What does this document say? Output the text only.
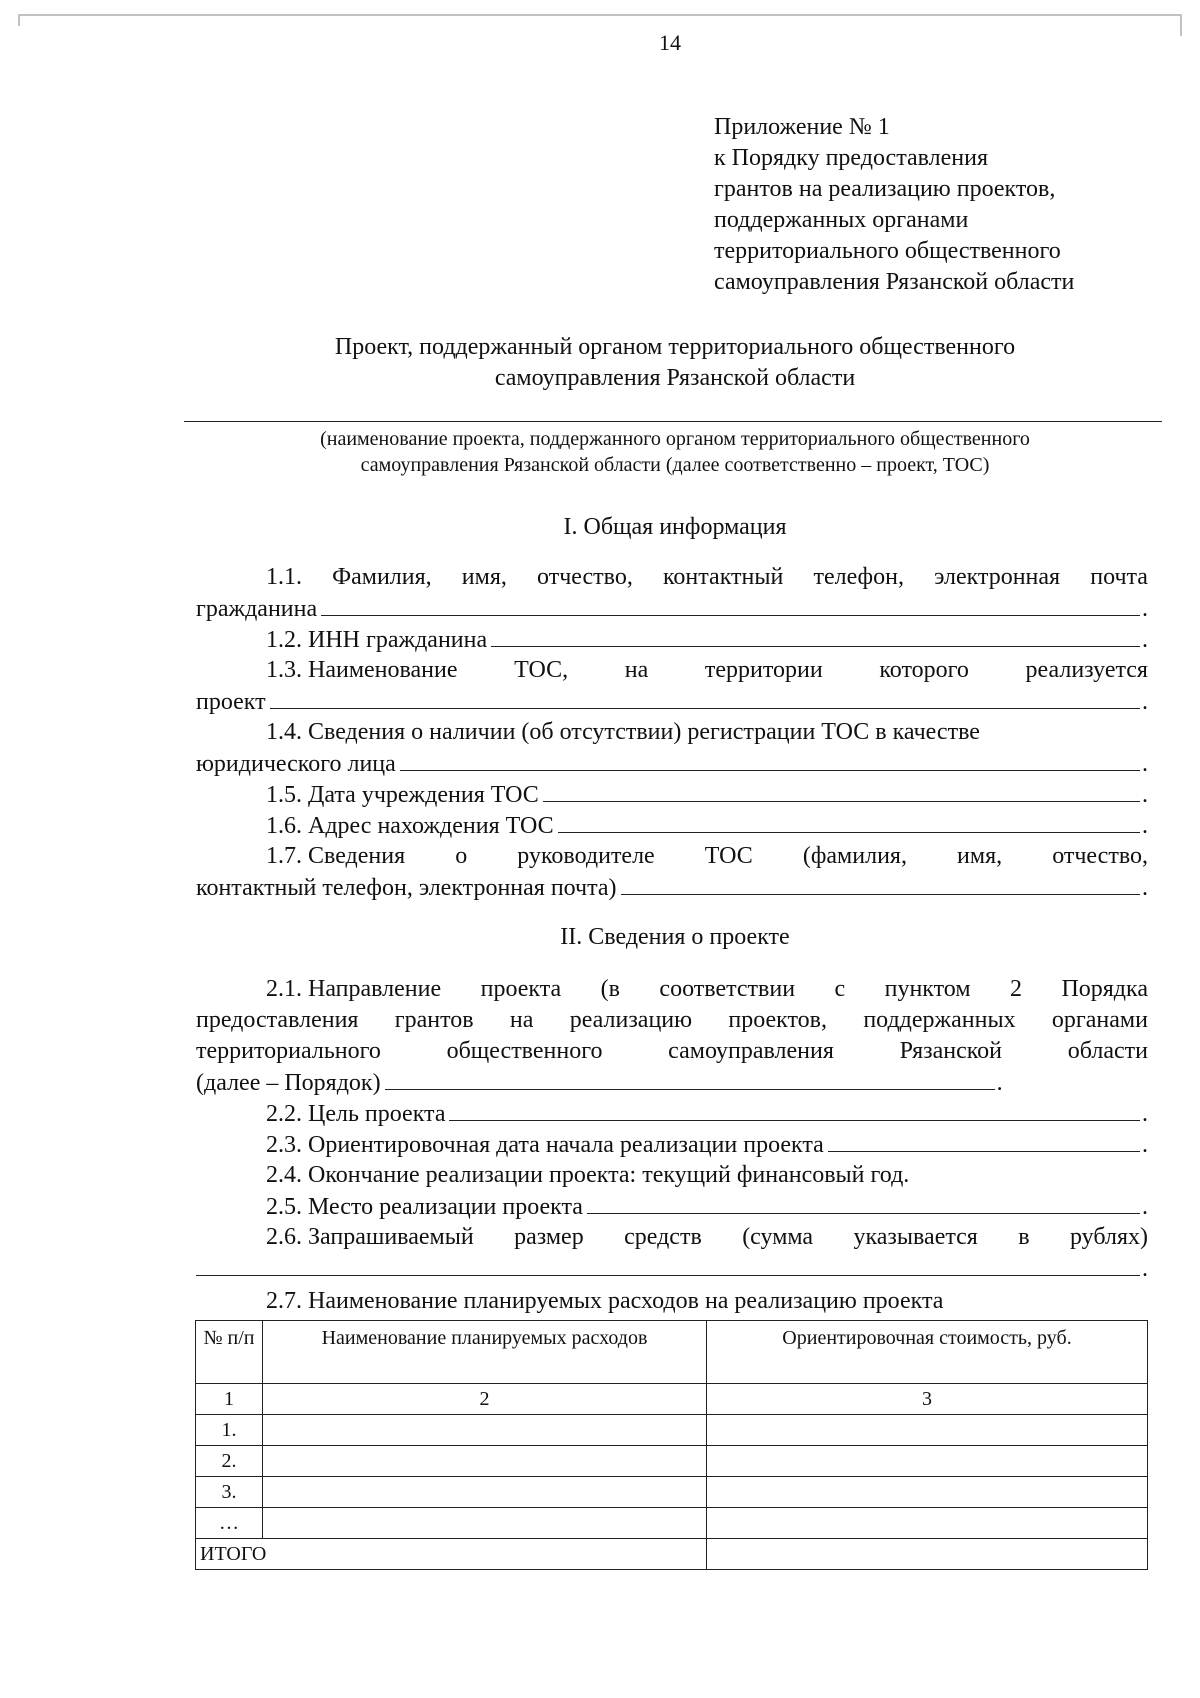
14
Приложение № 1
к Порядку предоставления
грантов на реализацию проектов,
поддержанных органами
территориального общественного
самоуправления Рязанской области
Проект, поддержанный органом территориального общественного
самоуправления Рязанской области
(наименование проекта, поддержанного органом территориального общественного
самоуправления Рязанской области (далее соответственно – проект, ТОС)
I. Общая информация
1.1. Фамилия, имя, отчество, контактный телефон, электронная почта
гражданина	.
1.2. ИНН гражданина	.
1.3. Наименование ТОС, на территории которого реализуется
проект	.
1.4. Сведения о наличии (об отсутствии) регистрации ТОС в качестве
юридического лица	.
1.5. Дата учреждения ТОС	.
1.6. Адрес нахождения ТОС	.
1.7. Сведения о руководителе ТОС (фамилия, имя, отчество,
контактный телефон, электронная почта)	.
II. Сведения о проекте
2.1. Направление проекта (в соответствии с пунктом 2 Порядка
предоставления грантов на реализацию проектов, поддержанных органами
территориального	общественного	самоуправления	Рязанской	области
(далее – Порядок)	.
2.2. Цель проекта	.
2.3. Ориентировочная дата начала реализации проекта	.
2.4. Окончание реализации проекта: текущий финансовый год.
2.5. Место реализации проекта	.
2.6. Запрашиваемый размер средств (сумма указывается в рублях)
.
2.7. Наименование планируемых расходов на реализацию проекта
№ п/п	Наименование планируемых расходов	Ориентировочная стоимость, руб.
1	2	3
1.		
2.		
3.		
…		
ИТОГО		
